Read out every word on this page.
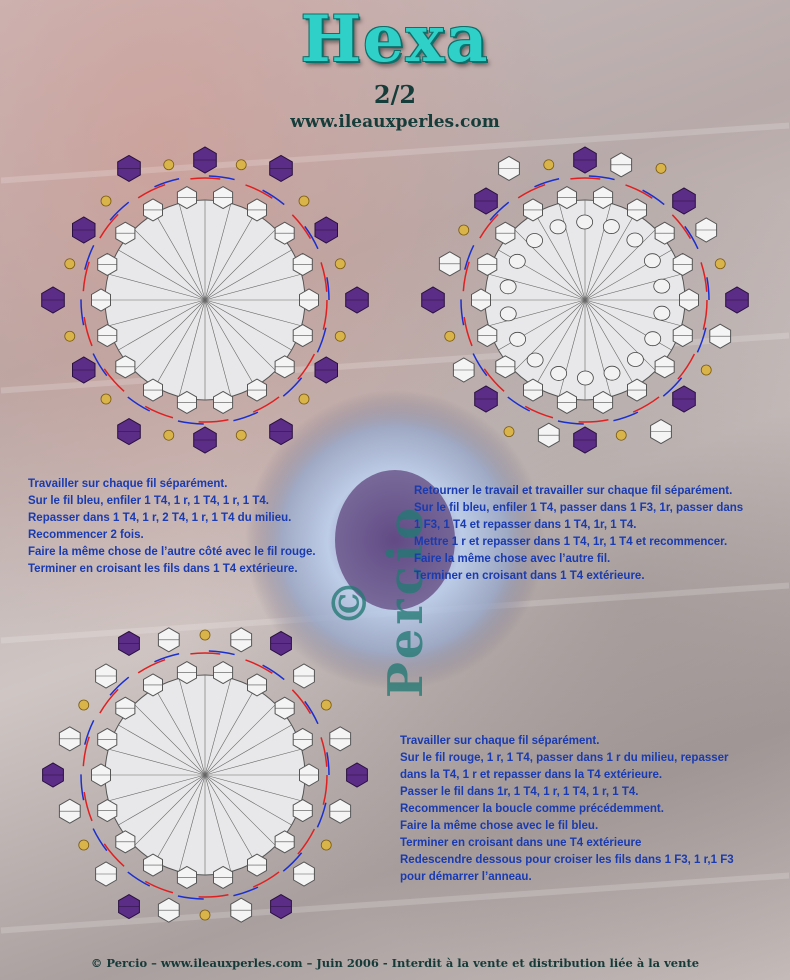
Hexa
2/2
www.ileauxperles.com
© Percio

Travailler sur chaque fil séparément.

Sur le fil bleu, enfiler 1 T4, 1 r, 1 T4, 1 r, 1 T4.

Repasser dans 1 T4, 1 r, 2 T4, 1 r, 1 T4 du milieu.

Recommencer 2 fois.

Faire la même chose de l’autre côté avec le fil rouge.

Terminer en croisant les fils dans 1 T4 extérieure.

Retourner le travail et travailler sur chaque fil séparément.

Sur le fil bleu, enfiler 1 T4, passer dans 1 F3, 1r, passer dans

1 F3, 1 T4 et repasser dans 1 T4, 1r, 1 T4.

Mettre 1 r et repasser dans 1 T4, 1r, 1 T4 et recommencer.

Faire la même chose avec l’autre fil.

Terminer en croisant dans 1 T4 extérieure.

Travailler sur chaque fil séparément.

Sur le fil rouge, 1 r, 1 T4, passer dans 1 r du milieu, repasser

dans la T4, 1 r et repasser dans la T4 extérieure.

Passer le fil dans 1r, 1 T4, 1 r, 1 T4, 1 r, 1 T4.

Recommencer la boucle comme précédemment.

Faire la même chose avec le fil bleu.

Terminer en croisant dans une T4 extérieure

Redescendre dessous pour croiser les fils dans 1 F3, 1 r,1 F3

pour démarrer l’anneau.

© Percio – www.ileauxperles.com – Juin 2006 - Interdit à la vente et distribution liée à la vente
